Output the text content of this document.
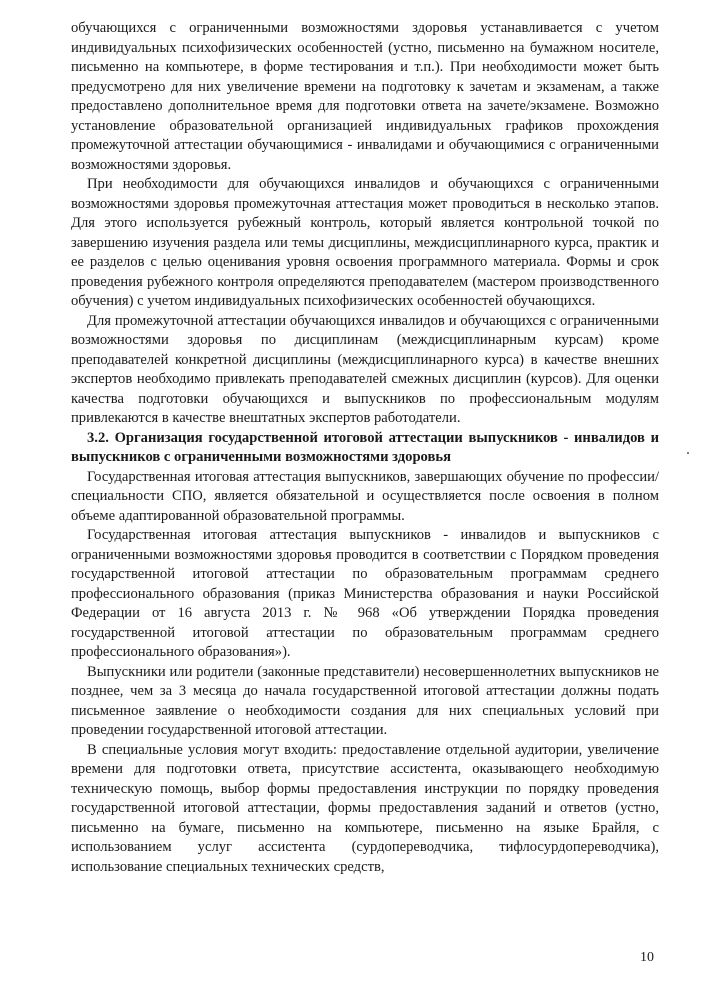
обучающихся с ограниченными возможностями здоровья устанавливается с учетом индивидуальных психофизических особенностей (устно, письменно на бумажном носителе, письменно на компьютере, в форме тестирования и т.п.). При необходимости может быть предусмотрено для них увеличение времени на подготовку к зачетам и экзаменам, а также предоставлено дополнительное время для подготовки ответа на зачете/экзамене. Возможно установление образовательной организацией индивидуальных графиков прохождения промежуточной аттестации обучающимися - инвалидами и обучающимися с ограниченными возможностями здоровья.

При необходимости для обучающихся инвалидов и обучающихся с ограниченными возможностями здоровья промежуточная аттестация может проводиться в несколько этапов. Для этого используется рубежный контроль, который является контрольной точкой по завершению изучения раздела или темы дисциплины, междисциплинарного курса, практик и ее разделов с целью оценивания уровня освоения программного материала. Формы и срок проведения рубежного контроля определяются преподавателем (мастером производственного обучения) с учетом индивидуальных психофизических особенностей обучающихся.

Для промежуточной аттестации обучающихся инвалидов и обучающихся с ограниченными возможностями здоровья по дисциплинам (междисциплинарным курсам) кроме преподавателей конкретной дисциплины (междисциплинарного курса) в качестве внешних экспертов необходимо привлекать преподавателей смежных дисциплин (курсов). Для оценки качества подготовки обучающихся и выпускников по профессиональным модулям привлекаются в качестве внештатных экспертов работодатели.

3.2. Организация государственной итоговой аттестации выпускников - инвалидов и выпускников с ограниченными возможностями здоровья

Государственная итоговая аттестация выпускников, завершающих обучение по профессии/специальности СПО, является обязательной и осуществляется после освоения в полном объеме адаптированной образовательной программы.

Государственная итоговая аттестация выпускников - инвалидов и выпускников с ограниченными возможностями здоровья проводится в соответствии с Порядком проведения государственной итоговой аттестации по образовательным программам среднего профессионального образования (приказ Министерства образования и науки Российской Федерации от 16 августа 2013 г. № 968 «Об утверждении Порядка проведения государственной итоговой аттестации по образовательным программам среднего профессионального образования»).

Выпускники или родители (законные представители) несовершеннолетних выпускников не позднее, чем за 3 месяца до начала государственной итоговой аттестации должны подать письменное заявление о необходимости создания для них специальных условий при проведении государственной итоговой аттестации.

В специальные условия могут входить: предоставление отдельной аудитории, увеличение времени для подготовки ответа, присутствие ассистента, оказывающего необходимую техническую помощь, выбор формы предоставления инструкции по порядку проведения государственной итоговой аттестации, формы предоставления заданий и ответов (устно, письменно на бумаге, письменно на компьютере, письменно на языке Брайля, с использованием услуг ассистента (сурдопереводчика, тифлосурдопереводчика), использование специальных технических средств,

10
